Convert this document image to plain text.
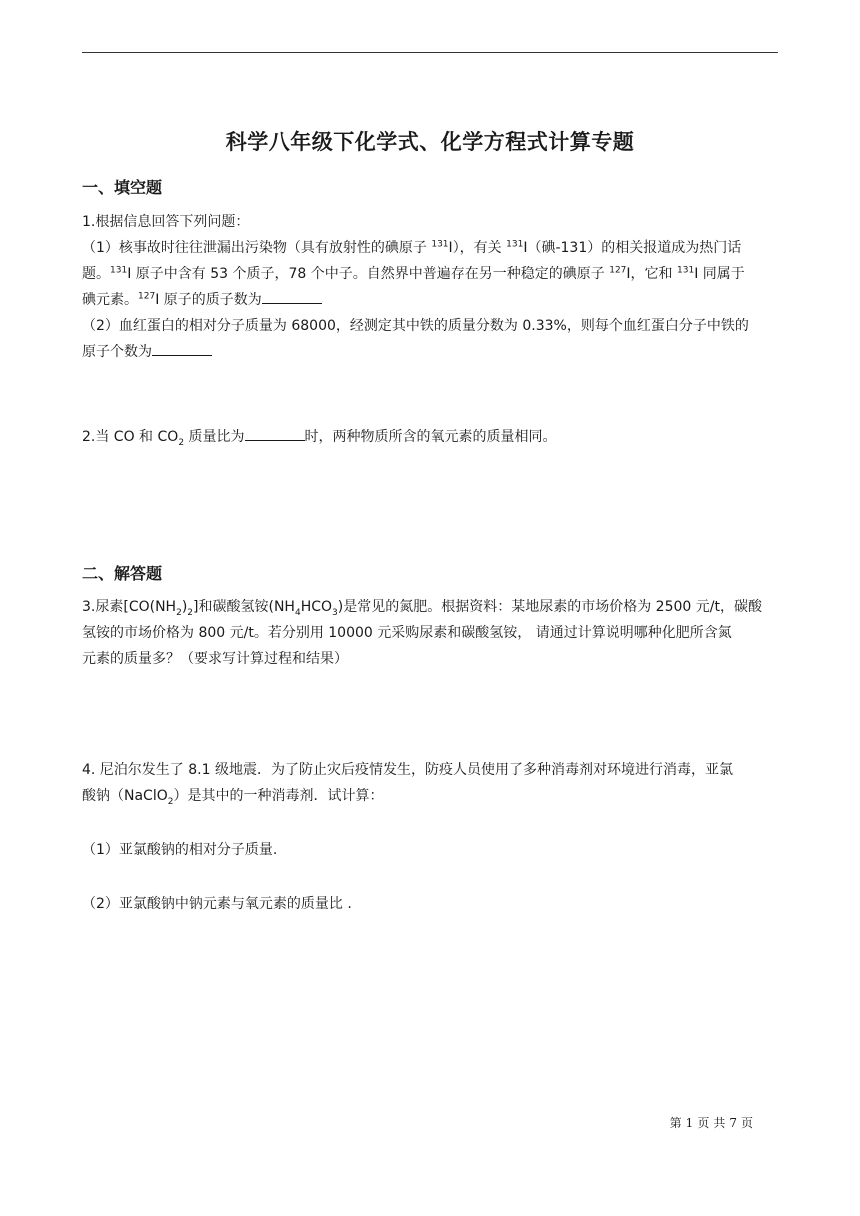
科学八年级下化学式、化学方程式计算专题
一、填空题
1.根据信息回答下列问题：
（1）核事故时往往泄漏出污染物（具有放射性的碘原子 $^{131}$I），有关 $^{131}$I（碘-131）的相关报道成为热门话
题。$^{131}$I 原子中含有 53 个质子，78 个中子。自然界中普遍存在另一种稳定的碘原子 $^{127}$I，它和 $^{131}$I 同属于
碘元素。$^{127}$I 原子的质子数为
（2）血红蛋白的相对分子质量为 68000，经测定其中铁的质量分数为 0.33%，则每个血红蛋白分子中铁的
原子个数为
2.当 CO 和 $CO_2$ 质量比为	时，两种物质所含的氧元素的质量相同。
二、解答题
3.尿素$[CO(NH_2)_2]$和碳酸氢铵$(NH_4HCO_3)$是常见的氮肥。根据资料：某地尿素的市场价格为 2500 元/t，碳酸
氢铵的市场价格为 800 元/t。若分别用 10000 元采购尿素和碳酸氢铵， 请通过计算说明哪种化肥所含氮
元素的质量多？（要求写计算过程和结果）
4. 尼泊尔发生了 8.1 级地震．为了防止灾后疫情发生，防疫人员使用了多种消毒剂对环境进行消毒，亚氯
酸钠（NaClO$_2$）是其中的一种消毒剂．试计算：
（1）亚氯酸钠的相对分子质量.
（2）亚氯酸钠中钠元素与氧元素的质量比 .
第 1 页 共 7 页
